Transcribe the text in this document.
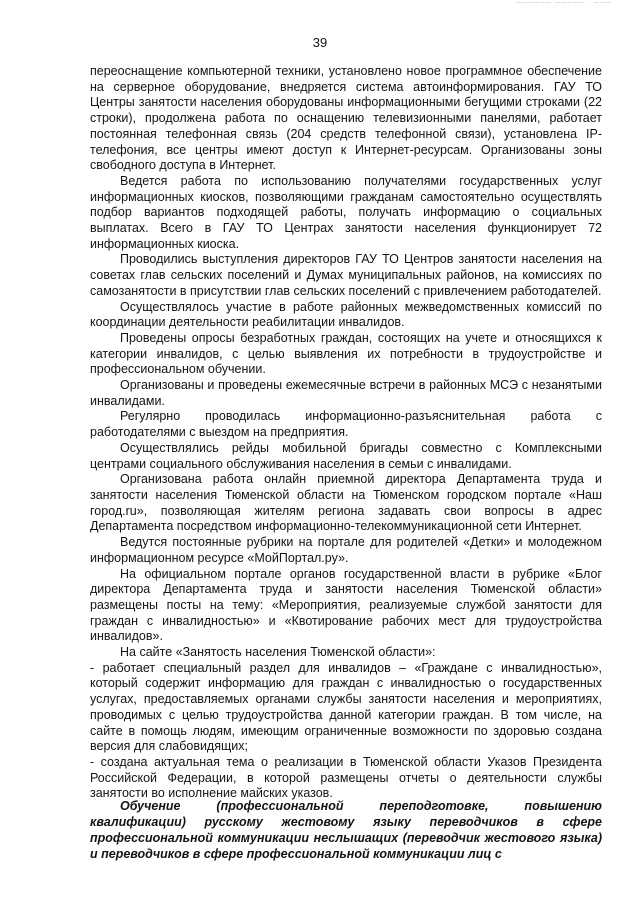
────── ───── · ───
39

переоснащение компьютерной техники, установлено новое программное обеспечение на серверное оборудование, внедряется система автоинформирования. ГАУ ТО Центры занятости населения оборудованы информационными бегущими строками (22 строки), продолжена работа по оснащению телевизионными панелями, работает постоянная телефонная связь (204 средств телефонной связи), установлена IP-телефония, все центры имеют доступ к Интернет-ресурсам. Организованы зоны свободного доступа в Интернет.

Ведется работа по использованию получателями государственных услуг информационных киосков, позволяющими гражданам самостоятельно осуществлять подбор вариантов подходящей работы, получать информацию о социальных выплатах. Всего в ГАУ ТО Центрах занятости населения функционирует 72 информационных киоска.

Проводились выступления директоров ГАУ ТО Центров занятости населения на советах глав сельских поселений и Думах муниципальных районов, на комиссиях по самозанятости в присутствии глав сельских поселений с привлечением работодателей.

Осуществлялось участие в работе районных межведомственных комиссий по координации деятельности реабилитации инвалидов.

Проведены опросы безработных граждан, состоящих на учете и относящихся к категории инвалидов, с целью выявления их потребности в трудоустройстве и профессиональном обучении.

Организованы и проведены ежемесячные встречи в районных МСЭ с незанятыми инвалидами.

Регулярно проводилась информационно-разъяснительная работа с работодателями с выездом на предприятия.

Осуществлялись рейды мобильной бригады совместно с Комплексными центрами социального обслуживания населения в семьи с инвалидами.

Организована работа онлайн приемной директора Департамента труда и занятости населения Тюменской области на Тюменском городском портале «Наш город.ru», позволяющая жителям региона задавать свои вопросы в адрес Департамента посредством информационно-телекоммуникационной сети Интернет.

Ведутся постоянные рубрики на портале для родителей «Детки» и молодежном информационном ресурсе «МойПортал.ру».

На официальном портале органов государственной власти в рубрике «Блог директора Департамента труда и занятости населения Тюменской области» размещены посты на тему: «Мероприятия, реализуемые службой занятости для граждан с инвалидностью» и «Квотирование рабочих мест для трудоустройства инвалидов».

На сайте «Занятость населения Тюменской области»:

- работает специальный раздел для инвалидов – «Граждане с инвалидностью», который содержит информацию для граждан с инвалидностью о государственных услугах, предоставляемых органами службы занятости населения и мероприятиях, проводимых с целью трудоустройства данной категории граждан. В том числе, на сайте в помощь людям, имеющим ограниченные возможности по здоровью создана версия для слабовидящих;

- создана актуальная тема о реализации в Тюменской области Указов Президента Российской Федерации, в которой размещены отчеты о деятельности службы занятости во исполнение майских указов.

Обучение (профессиональной переподготовке, повышению квалификации) русскому жестовому языку переводчиков в сфере профессиональной коммуникации неслышащих (переводчик жестового языка) и переводчиков в сфере профессиональной коммуникации лиц с
